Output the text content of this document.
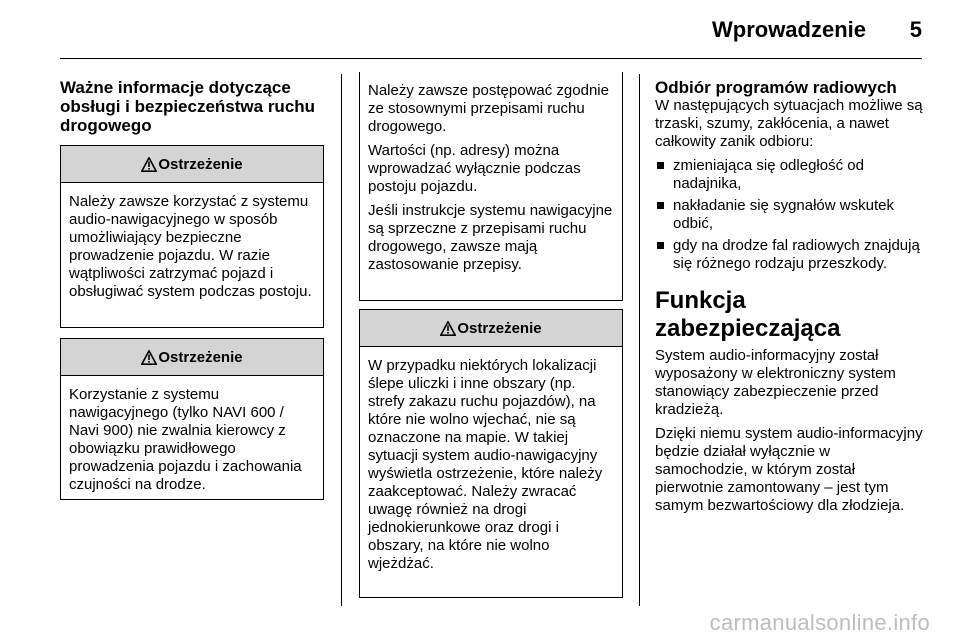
Wprowadzenie 5
Ważne informacje dotyczące obsługi i bezpieczeństwa ruchu drogowego
Ostrzeżenie
Należy zawsze korzystać z systemu audio-nawigacyjnego w sposób umożliwiający bezpieczne prowadzenie pojazdu. W razie wątpliwości zatrzymać pojazd i obsługiwać system podczas postoju.
Ostrzeżenie
Korzystanie z systemu nawigacyjnego (tylko NAVI 600 / Navi 900) nie zwalnia kierowcy z obowiązku prawidłowego prowadzenia pojazdu i zachowania czujności na drodze.
Należy zawsze postępować zgodnie ze stosownymi przepisami ruchu drogowego.
Wartości (np. adresy) można wprowadzać wyłącznie podczas postoju pojazdu.
Jeśli instrukcje systemu nawigacyjne są sprzeczne z przepisami ruchu drogowego, zawsze mają zastosowanie przepisy.
Ostrzeżenie
W przypadku niektórych lokalizacji ślepe uliczki i inne obszary (np. strefy zakazu ruchu pojazdów), na które nie wolno wjechać, nie są oznaczone na mapie. W takiej sytuacji system audio-nawigacyjny wyświetla ostrzeżenie, które należy zaakceptować. Należy zwracać uwagę również na drogi jednokierunkowe oraz drogi i obszary, na które nie wolno wjeżdżać.
Odbiór programów radiowych
W następujących sytuacjach możliwe są trzaski, szumy, zakłócenia, a nawet całkowity zanik odbioru:
zmieniająca się odległość od nadajnika,
nakładanie się sygnałów wskutek odbić,
gdy na drodze fal radiowych znajdują się różnego rodzaju przeszkody.
Funkcja zabezpieczająca
System audio-informacyjny został wyposażony w elektroniczny system stanowiący zabezpieczenie przed kradzieżą.
Dzięki niemu system audio-informacyjny będzie działał wyłącznie w samochodzie, w którym został pierwotnie zamontowany – jest tym samym bezwartościowy dla złodzieja.
carmanualsonline.info
